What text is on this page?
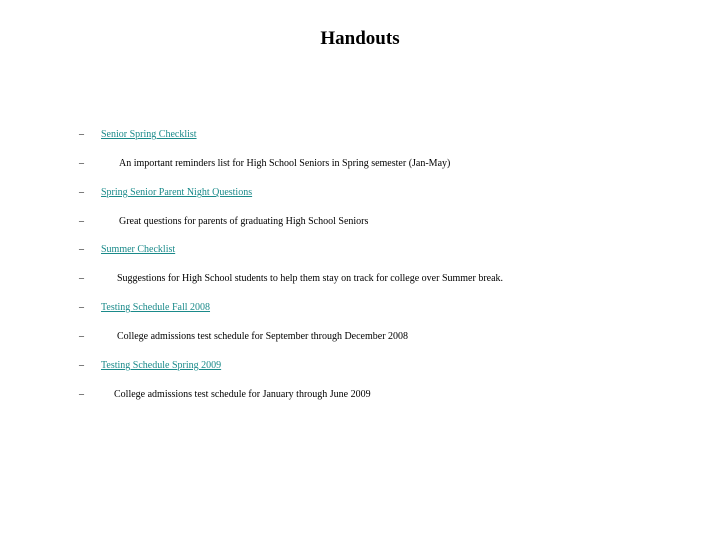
Handouts
– Senior Spring Checklist
–	An important reminders list for High School Seniors in Spring semester (Jan-May)
– Spring Senior Parent Night Questions
–	Great questions for parents of graduating High School Seniors
– Summer Checklist
–	Suggestions for High School students to help them stay on track for college over Summer break.
– Testing Schedule Fall 2008
–	College admissions test schedule for September through December 2008
– Testing Schedule Spring 2009
–	College admissions test schedule for January through June 2009
